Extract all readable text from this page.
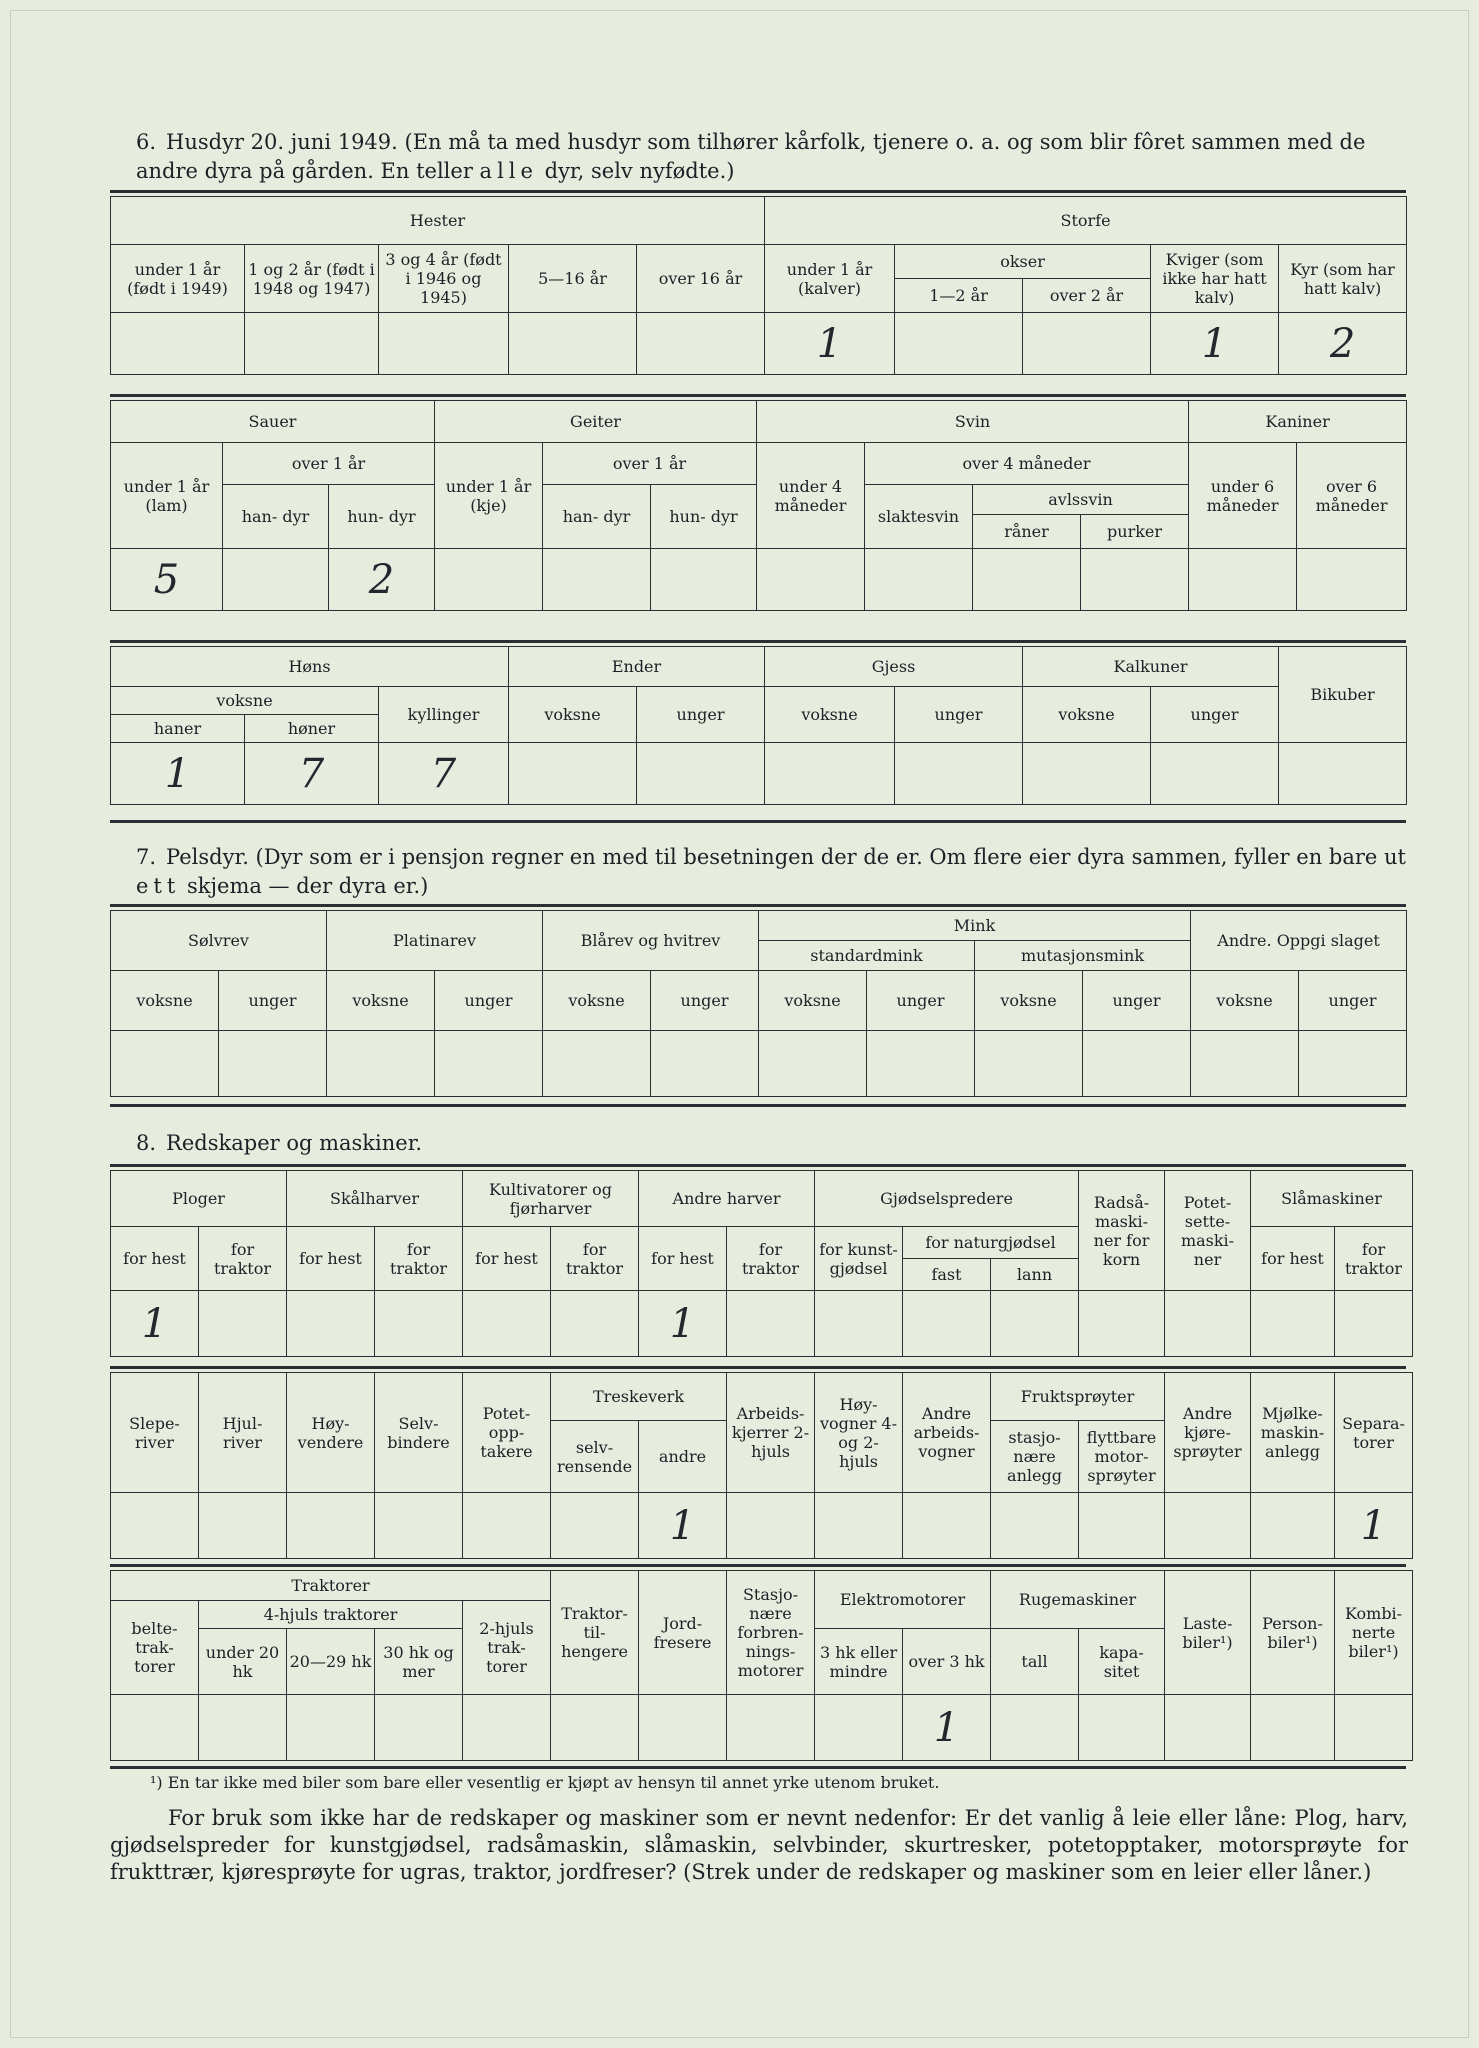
6. Husdyr 20. juni 1949. (En må ta med husdyr som tilhører kårfolk, tjenere o. a. og som blir fôret sammen med de andre dyra på gården. En teller alle dyr, selv nyfødte.)
Hester					Storfe				
under 1 år (født i 1949)	1 og 2 år (født i 1948 og 1947)	3 og 4 år (født i 1946 og 1945)	5—16 år	over 16 år	under 1 år (kalver)	okser		Kviger (som ikke har hatt kalv)	Kyr (som har hatt kalv)
						1—2 år	over 2 år		
					1			1	2
Sauer			Geiter			Svin				Kaniner	
under 1 år (lam)	over 1 år		under 1 år (kje)	over 1 år		under 4 måneder	over 4 måneder			under 6 måneder	over 6 måneder
	han- dyr	hun- dyr		han- dyr	hun- dyr		slaktesvin	avlssvin			
								råner	purker		
5		2									
Høns			Ender		Gjess		Kalkuner		Bikuber
voksne		kyllinger	voksne	unger	voksne	unger	voksne	unger	
haner	høner								
1	7	7							
7. Pelsdyr. (Dyr som er i pensjon regner en med til besetningen der de er. Om flere eier dyra sammen, fyller en bare ut ett skjema — der dyra er.)
Sølvrev		Platinarev		Blårev og hvitrev		Mink				Andre. Oppgi slaget	
						standardmink		mutasjonsmink			
voksne	unger	voksne	unger	voksne	unger	voksne	unger	voksne	unger	voksne	unger

8. Redskaper og maskiner.
Ploger		Skålharver		Kultivatorer og fjørharver		Andre harver		Gjødselspredere			Radså- maski- ner for korn	Potet- sette- maski- ner	Slåmaskiner	
for hest	for traktor	for hest	for traktor	for hest	for traktor	for hest	for traktor	for kunst- gjødsel	for naturgjødsel				for hest	for traktor
									fast	lann				
1						1								
Slepe- river	Hjul- river	Høy- vendere	Selv- bindere	Potet- opp- takere	Treskeverk		Arbeids- kjerrer 2-hjuls	Høy- vogner 4- og 2- hjuls	Andre arbeids- vogner	Fruktsprøyter		Andre kjøre- sprøyter	Mjølke- maskin- anlegg	Separa- torer
					selv- rensende	andre				stasjo- nære anlegg	flyttbare motor- sprøyter			
						1								1
Traktorer					Traktor- til- hengere	Jord- fresere	Stasjo- nære forbren- nings- motorer	Elektromotorer		Rugemaskiner		Laste- biler¹)	Person- biler¹)	Kombi- nerte biler¹)
belte- trak- torer	4-hjuls traktorer			2-hjuls trak- torer										
	under 20 hk	20—29 hk	30 hk og mer					3 hk eller mindre	over 3 hk	tall	kapa- sitet			
									1					
¹) En tar ikke med biler som bare eller vesentlig er kjøpt av hensyn til annet yrke utenom bruket.
For bruk som ikke har de redskaper og maskiner som er nevnt nedenfor: Er det vanlig å leie eller låne: Plog, harv, gjødselspreder for kunstgjødsel, radsåmaskin, slåmaskin, selvbinder, skurtresker, potetopptaker, motorsprøyte for frukttrær, kjøresprøyte for ugras, traktor, jordfreser? (Strek under de redskaper og maskiner som en leier eller låner.)
